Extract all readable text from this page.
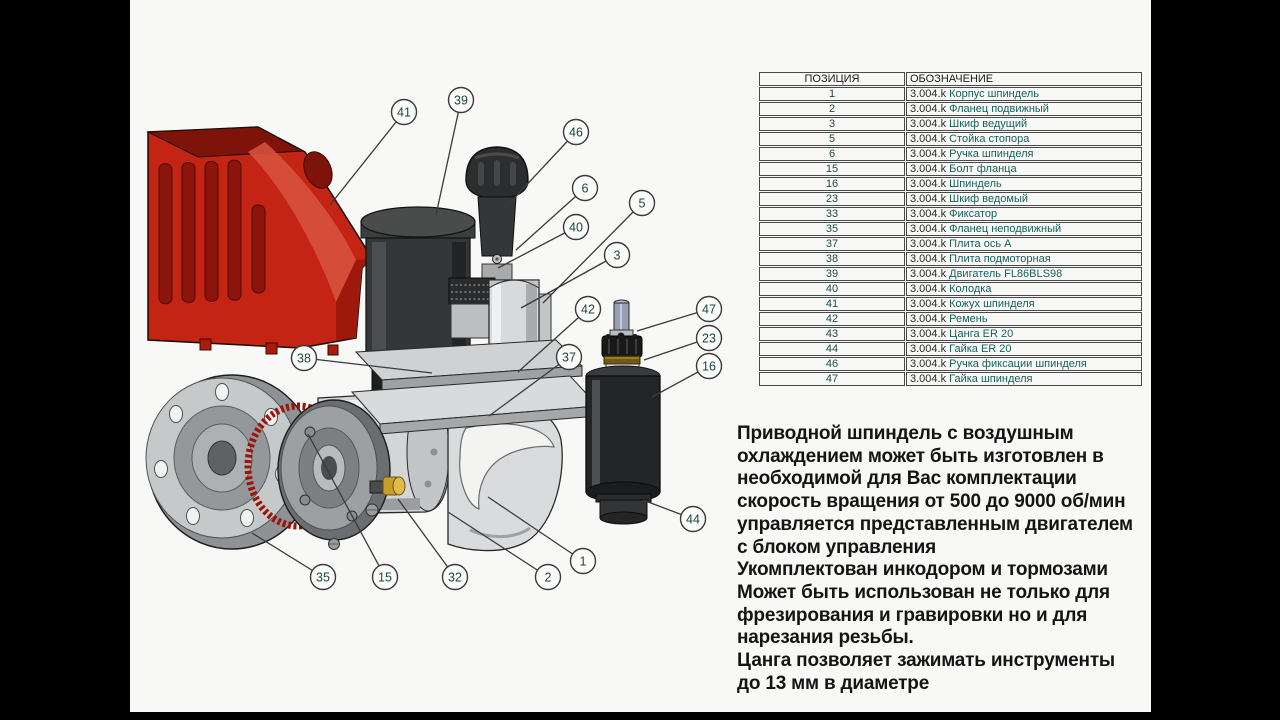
41
39
46
6
5
40
3
42
37
38
47
23
16
44
1
2
35	15	32
ПОЗИЦИЯ	ОБОЗНАЧЕНИЕ
1	3.004.k Корпус шпиндель
2	3.004.k Фланец подвижный
3	3.004.k Шкиф ведущий
5	3.004.k Стойка стопора
6	3.004.k Ручка шпинделя
15	3.004.k Болт фланца
16	3.004.k Шпиндель
23	3.004.k Шкиф ведомый
33	3.004.k Фиксатор
35	3.004.k Фланец неподвижный
37	3.004.k Плита ось А
38	3.004.k Плита подмоторная
39	3.004.k Двигатель FL86BLS98
40	3.004.k Колодка
41	3.004.k Кожух шпинделя
42	3.004.k Ремень
43	3.004.k Цанга ER 20
44	3.004.k Гайка ER 20
46	3.004.k Ручка фиксации шпинделя
47	3.004.k Гайка шпинделя
Приводной шпиндель с воздушным
охлаждением может быть изготовлен в
необходимой для Вас комплектации
скорость вращения от 500 до 9000 об/мин
управляется представленным двигателем
с блоком управления
Укомплектован инкодором и тормозами
Может быть использован не только для
фрезирования и гравировки но и для
нарезания резьбы.
Цанга позволяет зажимать инструменты
до 13 мм в диаметре
